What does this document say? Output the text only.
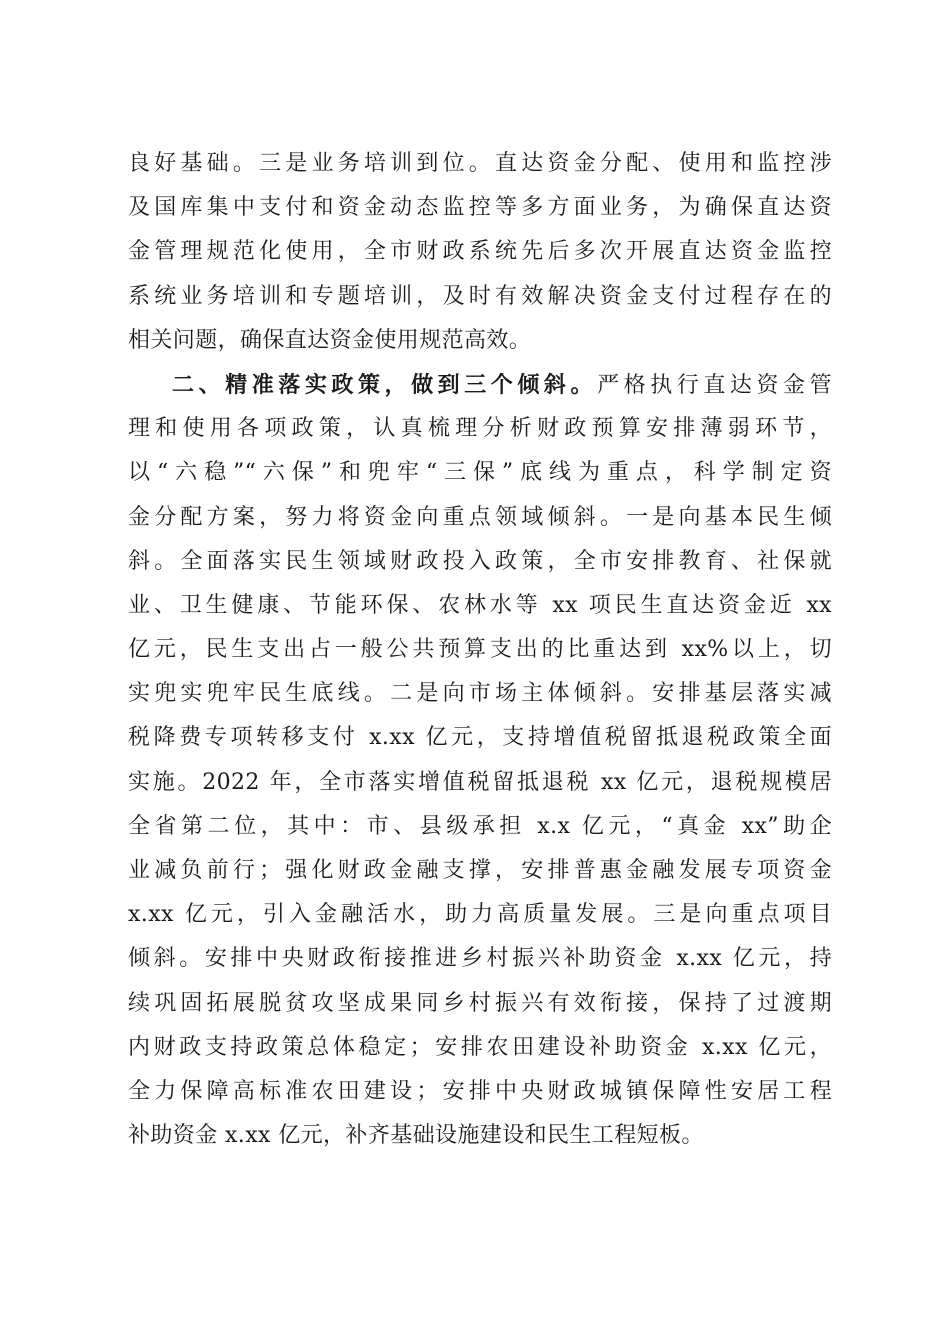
良好基础。三是业务培训到位。直达资金分配、使用和监控涉
及国库集中支付和资金动态监控等多方面业务，为确保直达资
金管理规范化使用，全市财政系统先后多次开展直达资金监控
系统业务培训和专题培训，及时有效解决资金支付过程存在的
相关问题，确保直达资金使用规范高效。
二、精准落实政策，做到三个倾斜。严格执行直达资金管
理和使用各项政策，认真梳理分析财政预算安排薄弱环节，
以“六稳”“六保”和兜牢“三保”底线为重点，科学制定资
金分配方案，努力将资金向重点领域倾斜。一是向基本民生倾
斜。全面落实民生领域财政投入政策，全市安排教育、社保就
业、卫生健康、节能环保、农林水等 xx 项民生直达资金近 xx
亿元，民生支出占一般公共预算支出的比重达到 xx%以上，切
实兜实兜牢民生底线。二是向市场主体倾斜。安排基层落实减
税降费专项转移支付 x.xx 亿元，支持增值税留抵退税政策全面
实施。2022 年，全市落实增值税留抵退税 xx 亿元，退税规模居
全省第二位，其中：市、县级承担 x.x 亿元，“真金 xx”助企
业减负前行；强化财政金融支撑，安排普惠金融发展专项资金
x.xx 亿元，引入金融活水，助力高质量发展。三是向重点项目
倾斜。安排中央财政衔接推进乡村振兴补助资金 x.xx 亿元，持
续巩固拓展脱贫攻坚成果同乡村振兴有效衔接，保持了过渡期
内财政支持政策总体稳定；安排农田建设补助资金 x.xx 亿元，
全力保障高标准农田建设；安排中央财政城镇保障性安居工程
补助资金 x.xx 亿元，补齐基础设施建设和民生工程短板。
